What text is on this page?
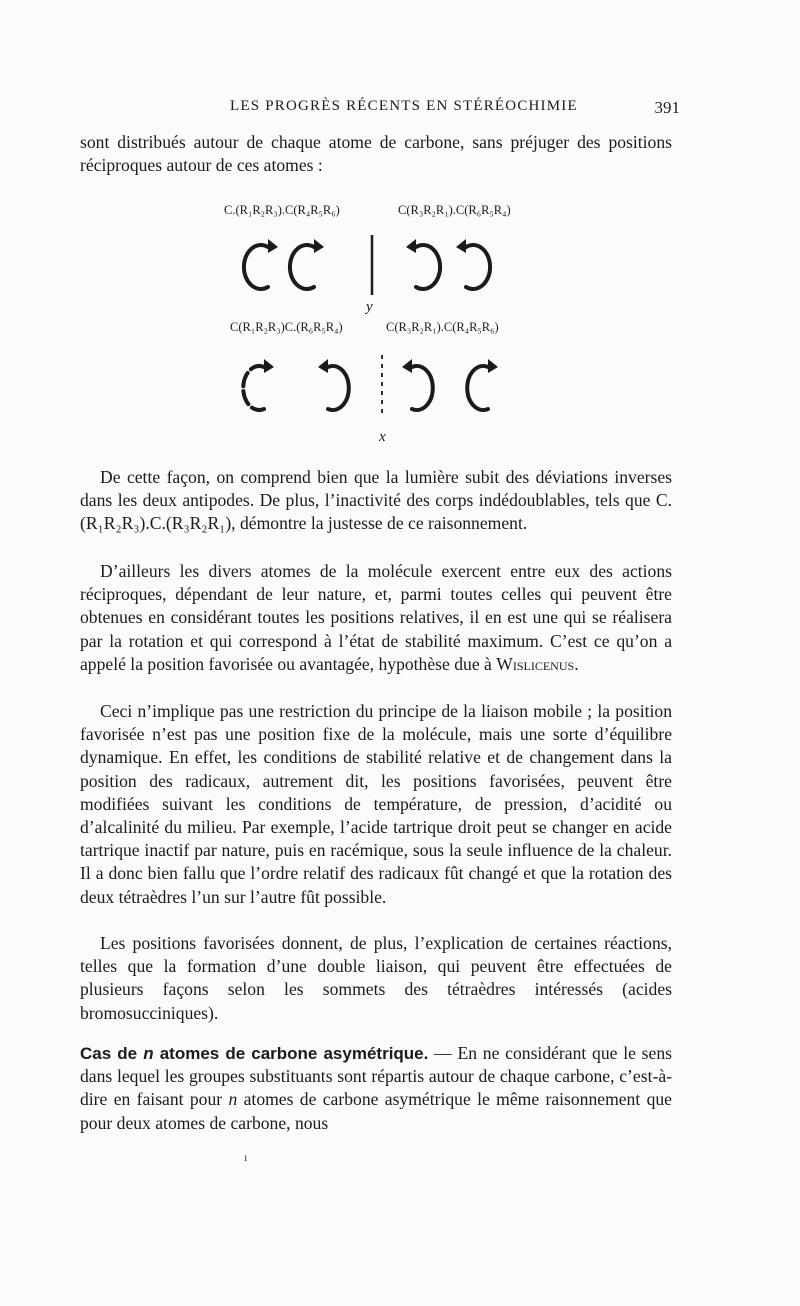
LES PROGRÈS RÉCENTS EN STÉRÉOCHIMIE	391

sont distribués autour de chaque atome de carbone, sans préjuger des positions réciproques autour de ces atomes :

C.(R₁R₂R₃).C(R₄R₅R₆)	C(R₃R₂R₁).C(R₆R₅R₄)
y
C(R₁R₂R₃)C.(R₆R₅R₄)	C(R₃R₂R₁).C(R₄R₅R₆)
x

De cette façon, on comprend bien que la lumière subit des déviations inverses dans les deux antipodes. De plus, l’inactivité des corps indédoublables, tels que C.(R₁R₂R₃).C.(R₃R₂R₁), démontre la justesse de ce raisonnement.

D’ailleurs les divers atomes de la molécule exercent entre eux des actions réciproques, dépendant de leur nature, et, parmi toutes celles qui peuvent être obtenues en considérant toutes les positions relatives, il en est une qui se réalisera par la rotation et qui correspond à l’état de stabilité maximum. C’est ce qu’on a appelé la position favorisée ou avantagée, hypothèse due à Wislicenus.

Ceci n’implique pas une restriction du principe de la liaison mobile ; la position favorisée n’est pas une position fixe de la molécule, mais une sorte d’équilibre dynamique. En effet, les conditions de stabilité relative et de changement dans la position des radicaux, autrement dit, les positions favorisées, peuvent être modifiées suivant les conditions de température, de pression, d’acidité ou d’alcalinité du milieu. Par exemple, l’acide tartrique droit peut se changer en acide tartrique inactif par nature, puis en racémique, sous la seule influence de la chaleur. Il a donc bien fallu que l’ordre relatif des radicaux fût changé et que la rotation des deux tétraèdres l’un sur l’autre fût possible.

Les positions favorisées donnent, de plus, l’explication de certaines réactions, telles que la formation d’une double liaison, qui peuvent être effectuées de plusieurs façons selon les sommets des tétraèdres intéressés (acides bromosucciniques).

Cas de n atomes de carbone asymétrique. — En ne considérant que le sens dans lequel les groupes substituants sont répartis autour de chaque carbone, c’est-à-dire en faisant pour n atomes de carbone asymétrique le même raisonnement que pour deux atomes de carbone, nous

ı
